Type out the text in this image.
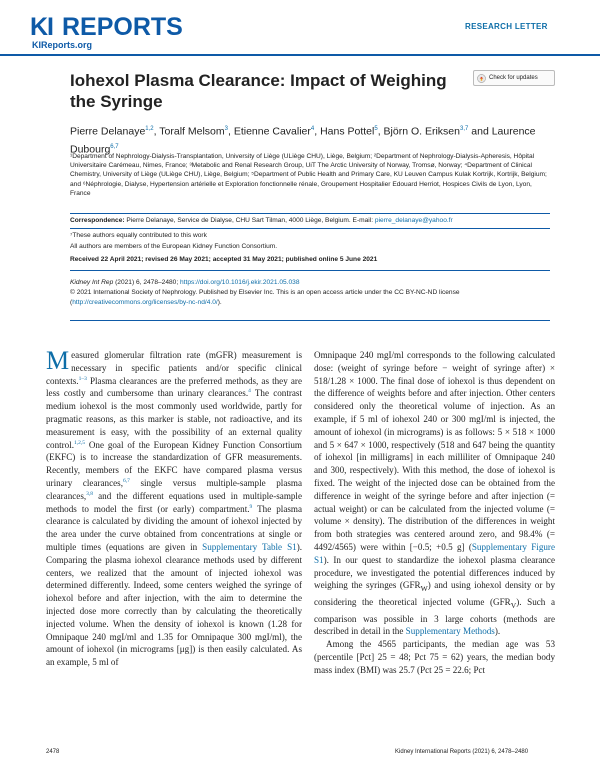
KI REPORTS
KIReports.org
RESEARCH LETTER
Iohexol Plasma Clearance: Impact of Weighing the Syringe
Check for updates
Pierre Delanaye$^{1,2}$, Toralf Melsom$^3$, Etienne Cavalier$^4$, Hans Pottel$^5$, Björn O. Eriksen$^{3,7}$ and Laurence Dubourg$^{6,7}$
¹Department of Nephrology-Dialysis-Transplantation, University of Liège (ULiège CHU), Liège, Belgium; ²Department of Nephrology-Dialysis-Apheresis, Hôpital Universitaire Carémeau, Nimes, France; ³Metabolic and Renal Research Group, UiT The Arctic University of Norway, Tromsø, Norway; ⁴Department of Clinical Chemistry, University of Liège (ULiège CHU), Liège, Belgium; ⁵Department of Public Health and Primary Care, KU Leuven Campus Kulak Kortrijk, Kortrijk, Belgium; and ⁶Néphrologie, Dialyse, Hypertension artérielle et Exploration fonctionnelle rénale, Groupement Hospitalier Edouard Herriot, Hospices Civils de Lyon, Lyon, France
Correspondence: Pierre Delanaye, Service de Dialyse, CHU Sart Tilman, 4000 Liège, Belgium. E-mail: pierre_delanaye@yahoo.fr
⁷These authors equally contributed to this work
All authors are members of the European Kidney Function Consortium.
Received 22 April 2021; revised 26 May 2021; accepted 31 May 2021; published online 5 June 2021
Kidney Int Rep (2021) 6, 2478–2480; https://doi.org/10.1016/j.ekir.2021.05.038
© 2021 International Society of Nephrology. Published by Elsevier Inc. This is an open access article under the CC BY-NC-ND license (http://creativecommons.org/licenses/by-nc-nd/4.0/).
Measured glomerular filtration rate (mGFR) measurement is necessary in specific patients and/or specific clinical contexts.$^{1-3}$ Plasma clearances are the preferred methods, as they are less costly and cumbersome than urinary clearances.$^4$ The contrast medium iohexol is the most commonly used worldwide, partly for pragmatic reasons, as this marker is stable, not radioactive, and its measurement is easy, with the possibility of an external quality control.$^{1,2,5}$ One goal of the European Kidney Function Consortium (EKFC) is to increase the standardization of GFR measurements. Recently, members of the EKFC have compared plasma versus urinary clearances,$^{6,7}$ single versus multiple-sample plasma clearances,$^{3,8}$ and the different equations used in multiple-sample methods to model the first (or early) compartment.$^9$ The plasma clearance is calculated by dividing the amount of iohexol injected by the area under the curve obtained from concentrations at single or multiple times (equations are given in Supplementary Table S1). Comparing the plasma iohexol clearance methods used by different centers, we realized that the amount of injected iohexol was determined differently. Indeed, some centers weighed the syringe of iohexol before and after injection, with the aim to determine the injected dose more correctly than by calculating the theoretically injected volume. When the density of iohexol is known (1.28 for Omnipaque 240 mgI/ml and 1.35 for Omnipaque 300 mgI/ml), the amount of iohexol (in micrograms [μg]) is then easily calculated. As an example, 5 ml of
Omnipaque 240 mgI/ml corresponds to the following calculated dose: (weight of syringe before − weight of syringe after) × 518/1.28 × 1000. The final dose of iohexol is thus dependent on the difference of weights before and after injection. Other centers considered only the theoretical volume of injection. As an example, if 5 ml of iohexol 240 or 300 mgI/ml is injected, the amount of iohexol (in micrograms) is as follows: 5 × 518 × 1000 and 5 × 647 × 1000, respectively (518 and 647 being the quantity of iohexol [in milligrams] in each milliliter of Omnipaque 240 and 300, respectively). With this method, the dose of iohexol is fixed. The weight of the injected dose can be obtained from the difference in weight of the syringe before and after injection (= actual weight) or can be calculated from the injected volume (= volume × density). The distribution of the differences in weight from both strategies was centered around zero, and 98.4% (= 4492/4565) were within [−0.5; +0.5 g] (Supplementary Figure S1). In our quest to standardize the iohexol plasma clearance procedure, we investigated the potential differences induced by weighing the syringes $(GFR_W)$ and using iohexol density or by considering the theoretical injected volume $(GFR_V)$. Such a comparison was possible in 3 large cohorts (methods are described in detail in the Supplementary Methods).
Among the 4565 participants, the median age was 53 (percentile [Pct] 25 = 48; Pct 75 = 62) years, the median body mass index (BMI) was 25.7 (Pct 25 = 22.6; Pct
2478	Kidney International Reports (2021) 6, 2478–2480
